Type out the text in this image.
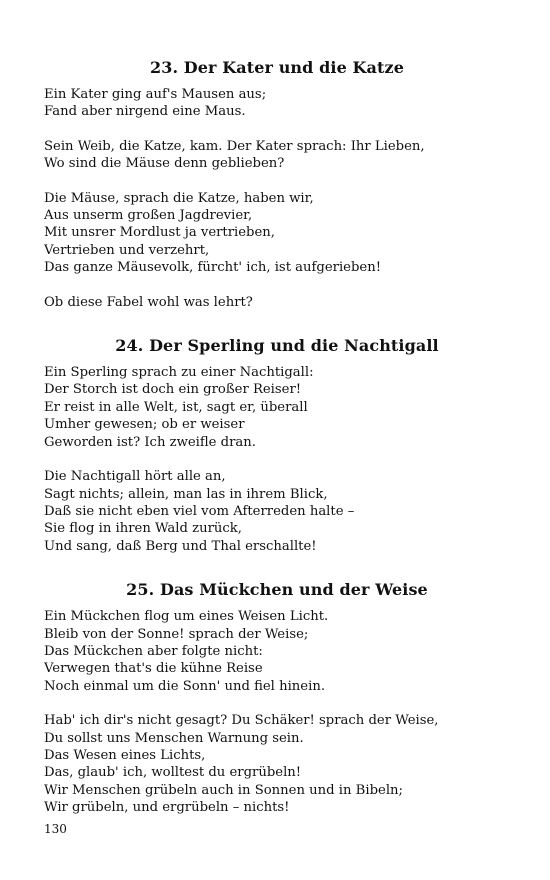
23. Der Kater und die Katze
Ein Kater ging auf's Mausen aus;
Fand aber nirgend eine Maus.
Sein Weib, die Katze, kam. Der Kater sprach: Ihr Lieben,
Wo sind die Mäuse denn geblieben?
Die Mäuse, sprach die Katze, haben wir,
Aus unserm großen Jagdrevier,
Mit unsrer Mordlust ja vertrieben,
Vertrieben und verzehrt,
Das ganze Mäusevolk, fürcht' ich, ist aufgerieben!
Ob diese Fabel wohl was lehrt?
24. Der Sperling und die Nachtigall
Ein Sperling sprach zu einer Nachtigall:
Der Storch ist doch ein großer Reiser!
Er reist in alle Welt, ist, sagt er, überall
Umher gewesen; ob er weiser
Geworden ist? Ich zweifle dran.
Die Nachtigall hört alle an,
Sagt nichts; allein, man las in ihrem Blick,
Daß sie nicht eben viel vom Afterreden halte –
Sie flog in ihren Wald zurück,
Und sang, daß Berg und Thal erschallte!
25. Das Mückchen und der Weise
Ein Mückchen flog um eines Weisen Licht.
Bleib von der Sonne! sprach der Weise;
Das Mückchen aber folgte nicht:
Verwegen that's die kühne Reise
Noch einmal um die Sonn' und fiel hinein.
Hab' ich dir's nicht gesagt? Du Schäker! sprach der Weise,
Du sollst uns Menschen Warnung sein.
Das Wesen eines Lichts,
Das, glaub' ich, wolltest du ergrübeln!
Wir Menschen grübeln auch in Sonnen und in Bibeln;
Wir grübeln, und ergrübeln – nichts!
130
